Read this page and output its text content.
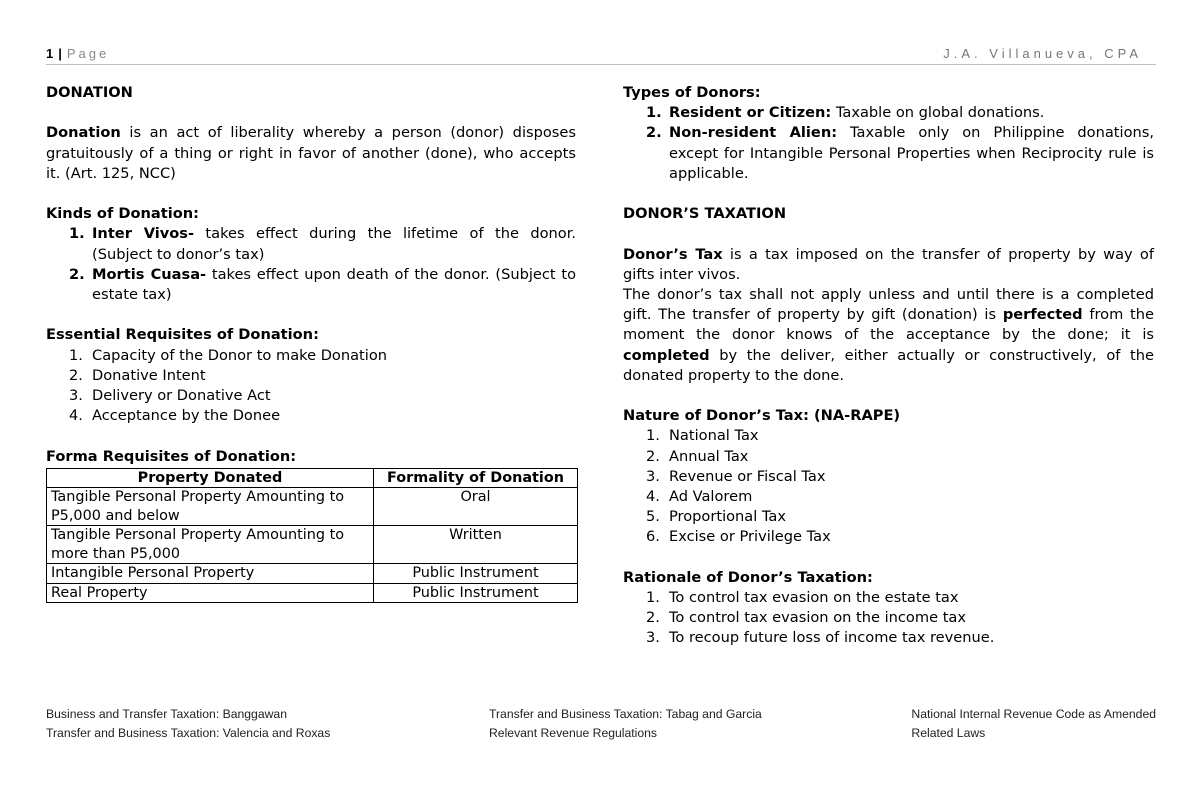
1 | Page	J.A. Villanueva, CPA

DONATION

Donation is an act of liberality whereby a person (donor) disposes gratuitously of a thing or right in favor of another (done), who accepts it. (Art. 125, NCC)

Kinds of Donation:

1. Inter Vivos- takes effect during the lifetime of the donor. (Subject to donor’s tax)
2. Mortis Cuasa- takes effect upon death of the donor. (Subject to estate tax)

Essential Requisites of Donation:

1. Capacity of the Donor to make Donation
2. Donative Intent
3. Delivery or Donative Act
4. Acceptance by the Donee

Forma Requisites of Donation:

Property Donated	Formality of Donation
Tangible Personal Property Amounting to P5,000 and below	Oral
Tangible Personal Property Amounting to more than P5,000	Written
Intangible Personal Property	Public Instrument
Real Property	Public Instrument

Types of Donors:

1. Resident or Citizen: Taxable on global donations.
2. Non-resident Alien: Taxable only on Philippine donations, except for Intangible Personal Properties when Reciprocity rule is applicable.

DONOR’S TAXATION

Donor’s Tax is a tax imposed on the transfer of property by way of gifts inter vivos.

The donor’s tax shall not apply unless and until there is a completed gift. The transfer of property by gift (donation) is perfected from the moment the donor knows of the acceptance by the done; it is completed by the deliver, either actually or constructively, of the donated property to the done.

Nature of Donor’s Tax: (NA-RAPE)

1. National Tax
2. Annual Tax
3. Revenue or Fiscal Tax
4. Ad Valorem
5. Proportional Tax
6. Excise or Privilege Tax

Rationale of Donor’s Taxation:

1. To control tax evasion on the estate tax
2. To control tax evasion on the income tax
3. To recoup future loss of income tax revenue.
Business and Transfer Taxation: Banggawan
Transfer and Business Taxation: Valencia and Roxas
Transfer and Business Taxation: Tabag and Garcia
Relevant Revenue Regulations
National Internal Revenue Code as Amended
Related Laws
